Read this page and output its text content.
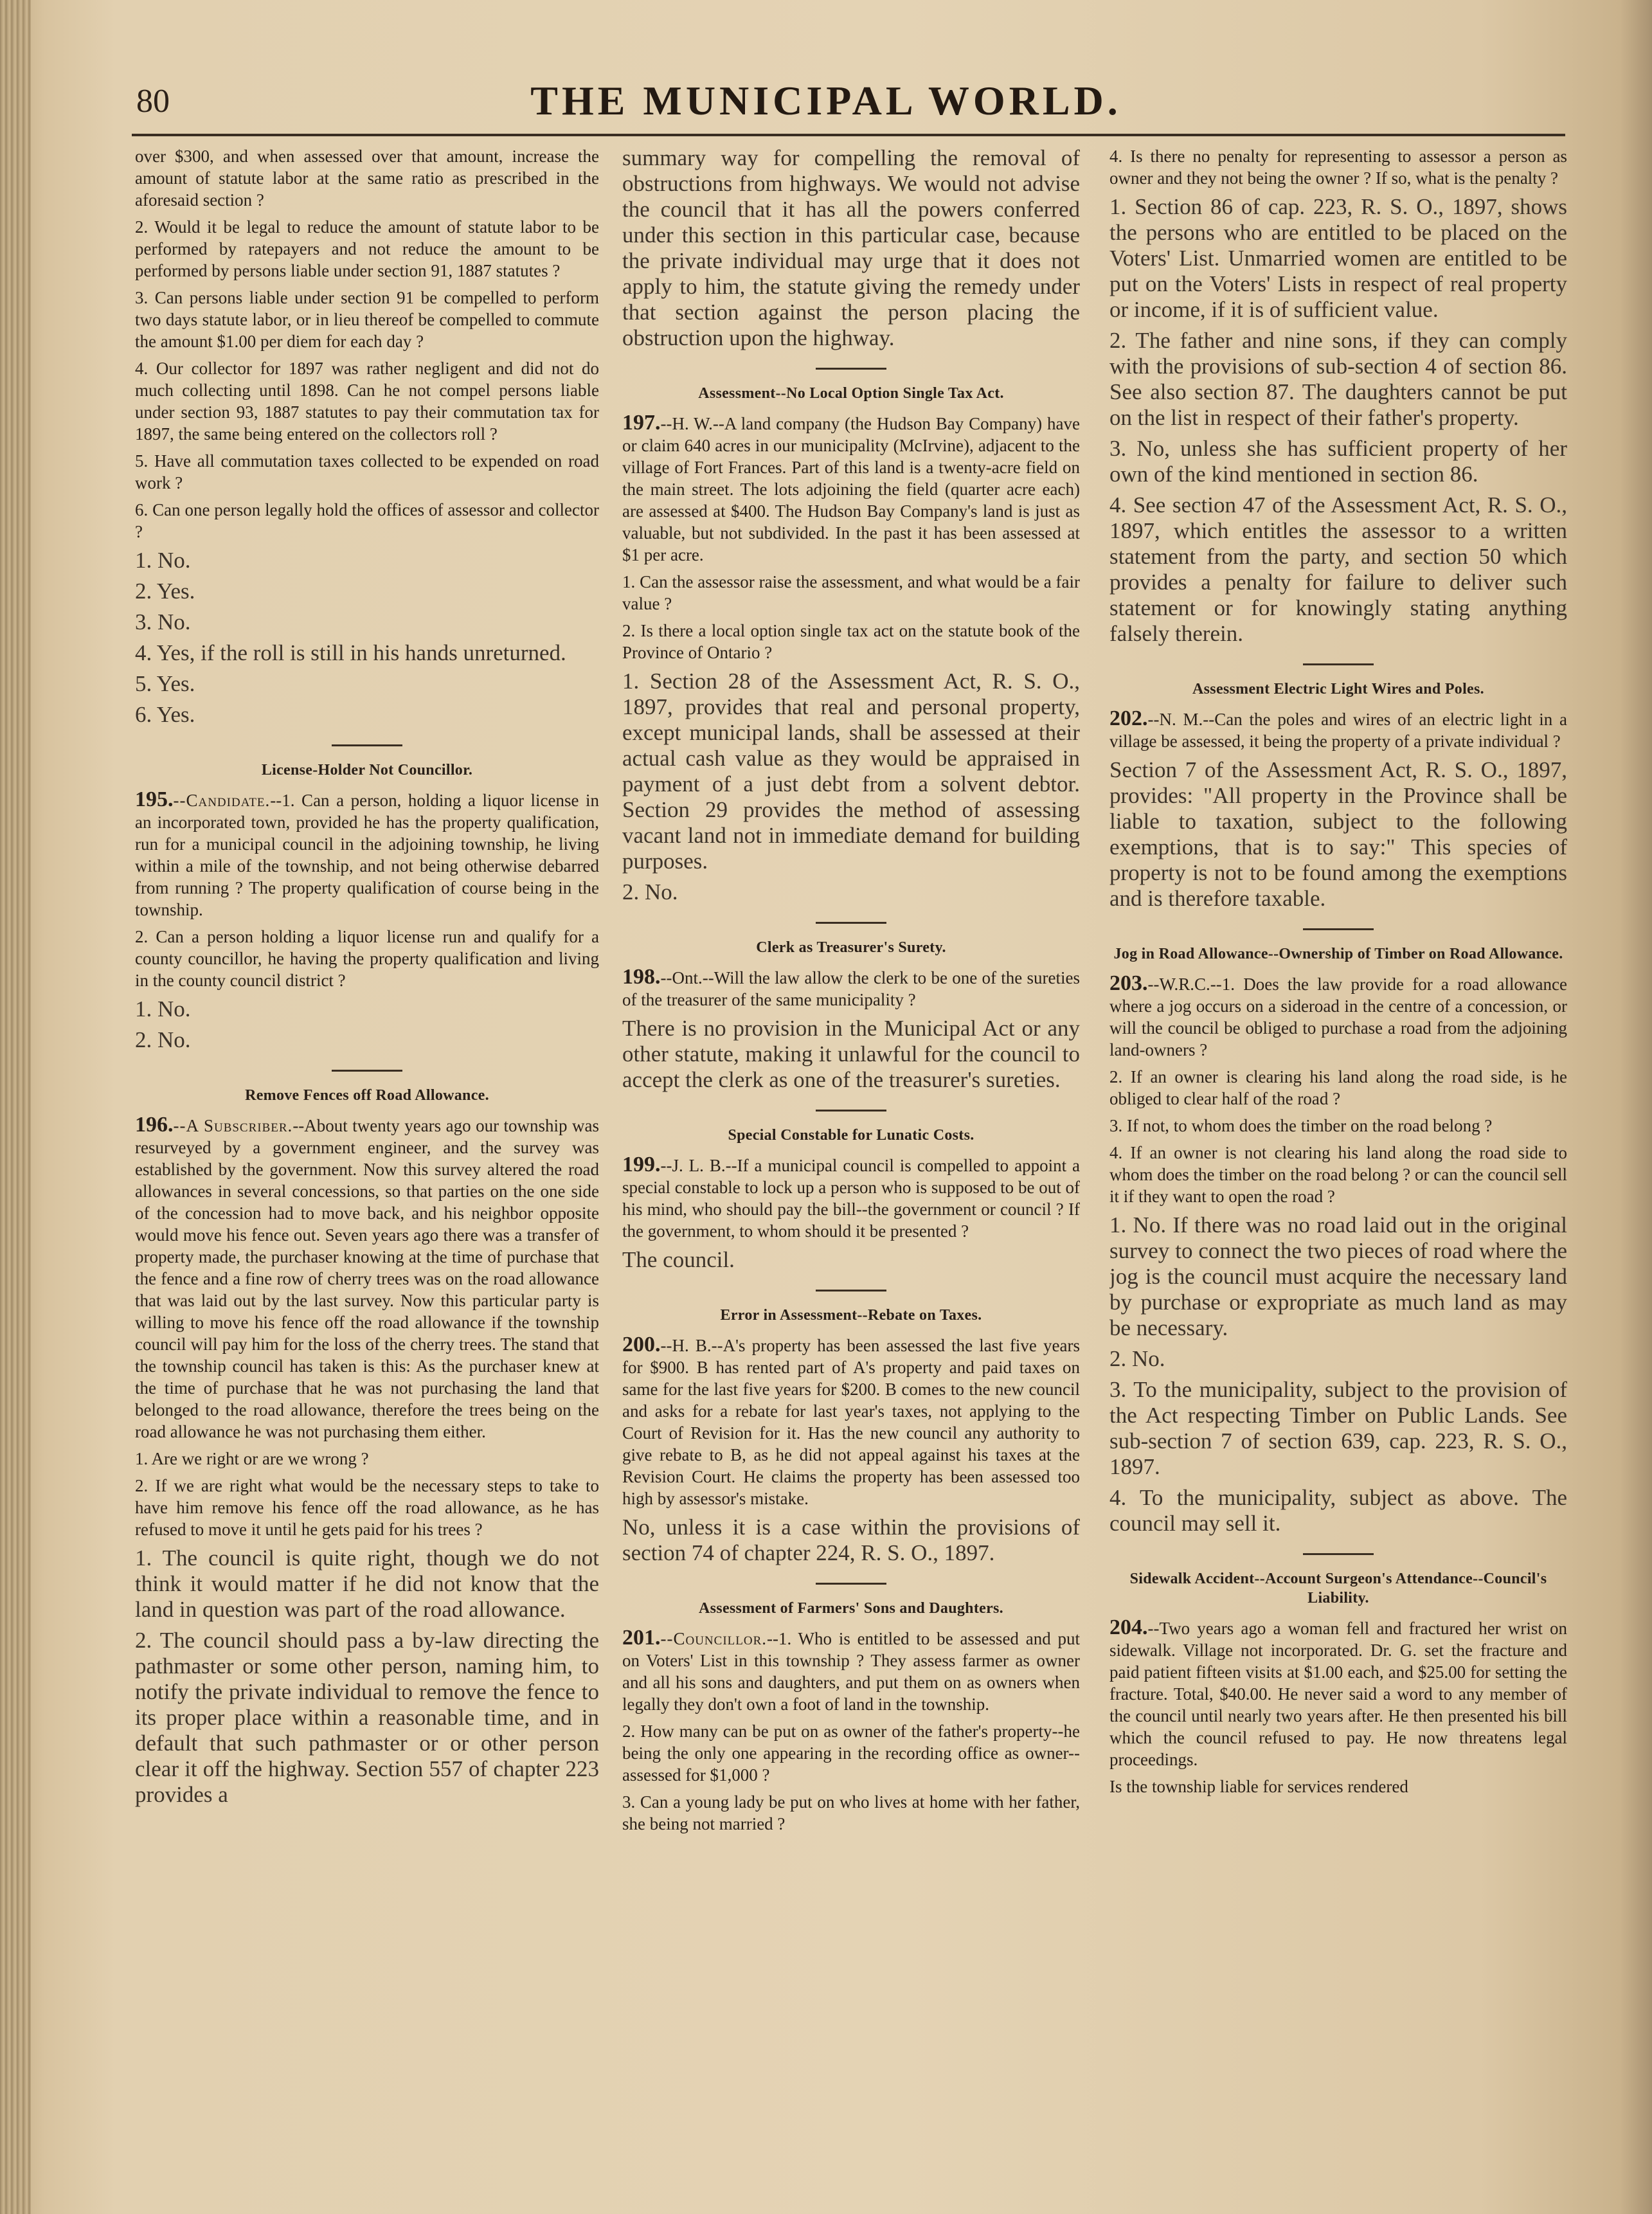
80	THE MUNICIPAL WORLD.

over $300, and when assessed over that amount, increase the amount of statute labor at the same ratio as prescribed in the aforesaid section ?

2. Would it be legal to reduce the amount of statute labor to be performed by ratepayers and not reduce the amount to be performed by persons liable under section 91, 1887 statutes ?

3. Can persons liable under section 91 be compelled to perform two days statute labor, or in lieu thereof be compelled to commute the amount $1.00 per diem for each day ?

4. Our collector for 1897 was rather negligent and did not do much collecting until 1898. Can he not compel persons liable under section 93, 1887 statutes to pay their commutation tax for 1897, the same being entered on the collectors roll ?

5. Have all commutation taxes collected to be expended on road work ?

6. Can one person legally hold the offices of assessor and collector ?

1. No.

2. Yes.

3. No.

4. Yes, if the roll is still in his hands unreturned.

5. Yes.

6. Yes.

License-Holder Not Councillor.

195.--Candidate.--1. Can a person, holding a liquor license in an incorporated town, provided he has the property qualification, run for a municipal council in the adjoining township, he living within a mile of the township, and not being otherwise debarred from running ? The property qualification of course being in the township.

2. Can a person holding a liquor license run and qualify for a county councillor, he having the property qualification and living in the county council district ?

1. No.

2. No.

Remove Fences off Road Allowance.

196.--A Subscriber.--About twenty years ago our township was resurveyed by a government engineer, and the survey was established by the government. Now this survey altered the road allowances in several concessions, so that parties on the one side of the concession had to move back, and his neighbor opposite would move his fence out. Seven years ago there was a transfer of property made, the purchaser knowing at the time of purchase that the fence and a fine row of cherry trees was on the road allowance that was laid out by the last survey. Now this particular party is willing to move his fence off the road allowance if the township council will pay him for the loss of the cherry trees. The stand that the township council has taken is this: As the purchaser knew at the time of purchase that he was not purchasing the land that belonged to the road allowance, therefore the trees being on the road allowance he was not purchasing them either.

1. Are we right or are we wrong ?

2. If we are right what would be the necessary steps to take to have him remove his fence off the road allowance, as he has refused to move it until he gets paid for his trees ?

1. The council is quite right, though we do not think it would matter if he did not know that the land in question was part of the road allowance.

2. The council should pass a by-law directing the pathmaster or some other person, naming him, to notify the private individual to remove the fence to its proper place within a reasonable time, and in default that such pathmaster or or other person clear it off the highway. Section 557 of chapter 223 provides a

summary way for compelling the removal of obstructions from highways. We would not advise the council that it has all the powers conferred under this section in this particular case, because the private individual may urge that it does not apply to him, the statute giving the remedy under that section against the person placing the obstruction upon the highway.

Assessment--No Local Option Single Tax Act.

197.--H. W.--A land company (the Hudson Bay Company) have or claim 640 acres in our municipality (McIrvine), adjacent to the village of Fort Frances. Part of this land is a twenty-acre field on the main street. The lots adjoining the field (quarter acre each) are assessed at $400. The Hudson Bay Company's land is just as valuable, but not subdivided. In the past it has been assessed at $1 per acre.

1. Can the assessor raise the assessment, and what would be a fair value ?

2. Is there a local option single tax act on the statute book of the Province of Ontario ?

1. Section 28 of the Assessment Act, R. S. O., 1897, provides that real and personal property, except municipal lands, shall be assessed at their actual cash value as they would be appraised in payment of a just debt from a solvent debtor. Section 29 provides the method of assessing vacant land not in immediate demand for building purposes.

2. No.

Clerk as Treasurer's Surety.

198.--Ont.--Will the law allow the clerk to be one of the sureties of the treasurer of the same municipality ?

There is no provision in the Municipal Act or any other statute, making it unlawful for the council to accept the clerk as one of the treasurer's sureties.

Special Constable for Lunatic Costs.

199.--J. L. B.--If a municipal council is compelled to appoint a special constable to lock up a person who is supposed to be out of his mind, who should pay the bill--the government or council ? If the government, to whom should it be presented ?

The council.

Error in Assessment--Rebate on Taxes.

200.--H. B.--A's property has been assessed the last five years for $900. B has rented part of A's property and paid taxes on same for the last five years for $200. B comes to the new council and asks for a rebate for last year's taxes, not applying to the Court of Revision for it. Has the new council any authority to give rebate to B, as he did not appeal against his taxes at the Revision Court. He claims the property has been assessed too high by assessor's mistake.

No, unless it is a case within the provisions of section 74 of chapter 224, R. S. O., 1897.

Assessment of Farmers' Sons and Daughters.

201.--Councillor.--1. Who is entitled to be assessed and put on Voters' List in this township ? They assess farmer as owner and all his sons and daughters, and put them on as owners when legally they don't own a foot of land in the township.

2. How many can be put on as owner of the father's property--he being the only one appearing in the recording office as owner--assessed for $1,000 ?

3. Can a young lady be put on who lives at home with her father, she being not married ?

4. Is there no penalty for representing to assessor a person as owner and they not being the owner ? If so, what is the penalty ?

1. Section 86 of cap. 223, R. S. O., 1897, shows the persons who are entitled to be placed on the Voters' List. Unmarried women are entitled to be put on the Voters' Lists in respect of real property or income, if it is of sufficient value.

2. The father and nine sons, if they can comply with the provisions of sub-section 4 of section 86. See also section 87. The daughters cannot be put on the list in respect of their father's property.

3. No, unless she has sufficient property of her own of the kind mentioned in section 86.

4. See section 47 of the Assessment Act, R. S. O., 1897, which entitles the assessor to a written statement from the party, and section 50 which provides a penalty for failure to deliver such statement or for knowingly stating anything falsely therein.

Assessment Electric Light Wires and Poles.

202.--N. M.--Can the poles and wires of an electric light in a village be assessed, it being the property of a private individual ?

Section 7 of the Assessment Act, R. S. O., 1897, provides: "All property in the Province shall be liable to taxation, subject to the following exemptions, that is to say:" This species of property is not to be found among the exemptions and is therefore taxable.

Jog in Road Allowance--Ownership of Timber on Road Allowance.

203.--W.R.C.--1. Does the law provide for a road allowance where a jog occurs on a sideroad in the centre of a concession, or will the council be obliged to purchase a road from the adjoining land-owners ?

2. If an owner is clearing his land along the road side, is he obliged to clear half of the road ?

3. If not, to whom does the timber on the road belong ?

4. If an owner is not clearing his land along the road side to whom does the timber on the road belong ? or can the council sell it if they want to open the road ?

1. No. If there was no road laid out in the original survey to connect the two pieces of road where the jog is the council must acquire the necessary land by purchase or expropriate as much land as may be necessary.

2. No.

3. To the municipality, subject to the provision of the Act respecting Timber on Public Lands. See sub-section 7 of section 639, cap. 223, R. S. O., 1897.

4. To the municipality, subject as above. The council may sell it.

Sidewalk Accident--Account Surgeon's Attendance--Council's Liability.

204.--Two years ago a woman fell and fractured her wrist on sidewalk. Village not incorporated. Dr. G. set the fracture and paid patient fifteen visits at $1.00 each, and $25.00 for setting the fracture. Total, $40.00. He never said a word to any member of the council until nearly two years after. He then presented his bill which the council refused to pay. He now threatens legal proceedings.

Is the township liable for services rendered
